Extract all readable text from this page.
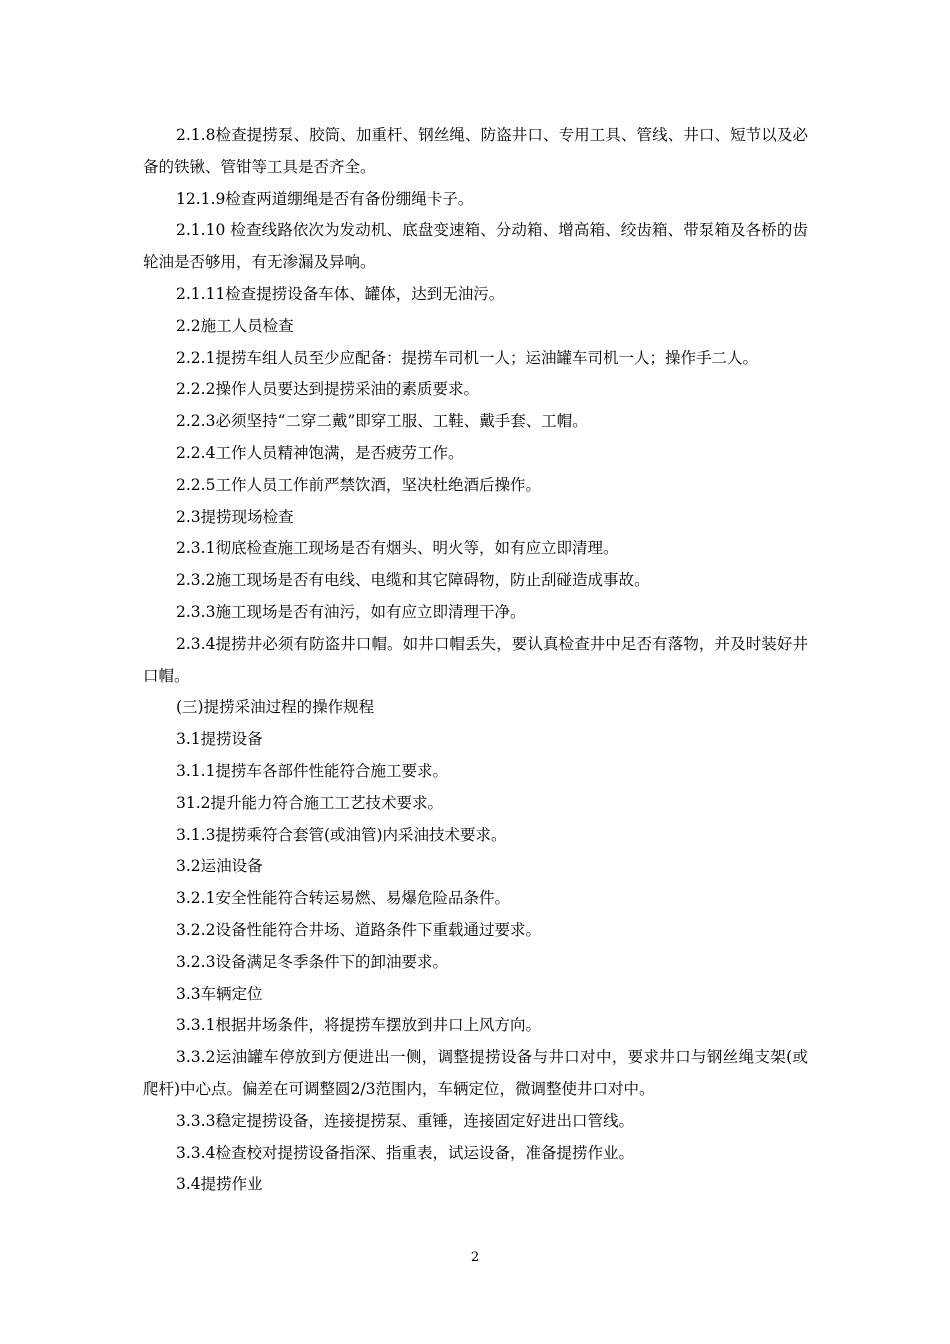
2.1.8检查提捞泵、胶筒、加重杆、钢丝绳、防盗井口、专用工具、管线、井口、短节以及必备的铁锹、管钳等工具是否齐全。

12.1.9检查两道绷绳是否有备份绷绳卡子。

2.1.10 检查线路依次为发动机、底盘变速箱、分动箱、增高箱、绞齿箱、带泵箱及各桥的齿轮油是否够用，有无渗漏及异响。

2.1.11检查提捞设备车体、罐体，达到无油污。

2.2施工人员检查

2.2.1提捞车组人员至少应配备：提捞车司机一人；运油罐车司机一人；操作手二人。

2.2.2操作人员要达到提捞采油的素质要求。

2.2.3必须坚持“二穿二戴”即穿工服、工鞋、戴手套、工帽。

2.2.4工作人员精神饱满，是否疲劳工作。

2.2.5工作人员工作前严禁饮酒，坚决杜绝酒后操作。

2.3提捞现场检查

2.3.1彻底检查施工现场是否有烟头、明火等，如有应立即清理。

2.3.2施工现场是否有电线、电缆和其它障碍物，防止刮碰造成事故。

2.3.3施工现场是否有油污，如有应立即清理干净。

2.3.4提捞井必须有防盗井口帽。如井口帽丢失，要认真检查井中足否有落物，并及时装好井口帽。

(三)提捞采油过程的操作规程

3.1提捞设备

3.1.1提捞车各部件性能符合施工要求。

31.2提升能力符合施工工艺技术要求。

3.1.3提捞乘符合套管(或油管)内采油技术要求。

3.2运油设备

3.2.1安全性能符合转运易燃、易爆危险品条件。

3.2.2设备性能符合井场、道路条件下重载通过要求。

3.2.3设备满足冬季条件下的卸油要求。

3.3车辆定位

3.3.1根据井场条件，将提捞车摆放到井口上风方向。

3.3.2运油罐车停放到方便进出一侧，调整提捞设备与井口对中，要求井口与钢丝绳支架(或爬杆)中心点。偏差在可调整圆2/3范围内，车辆定位，微调整使井口对中。

3.3.3稳定提捞设备，连接提捞泵、重锤，连接固定好进出口管线。

3.3.4检查校对提捞设备指深、指重表，试运设备，准备提捞作业。

3.4提捞作业

2
